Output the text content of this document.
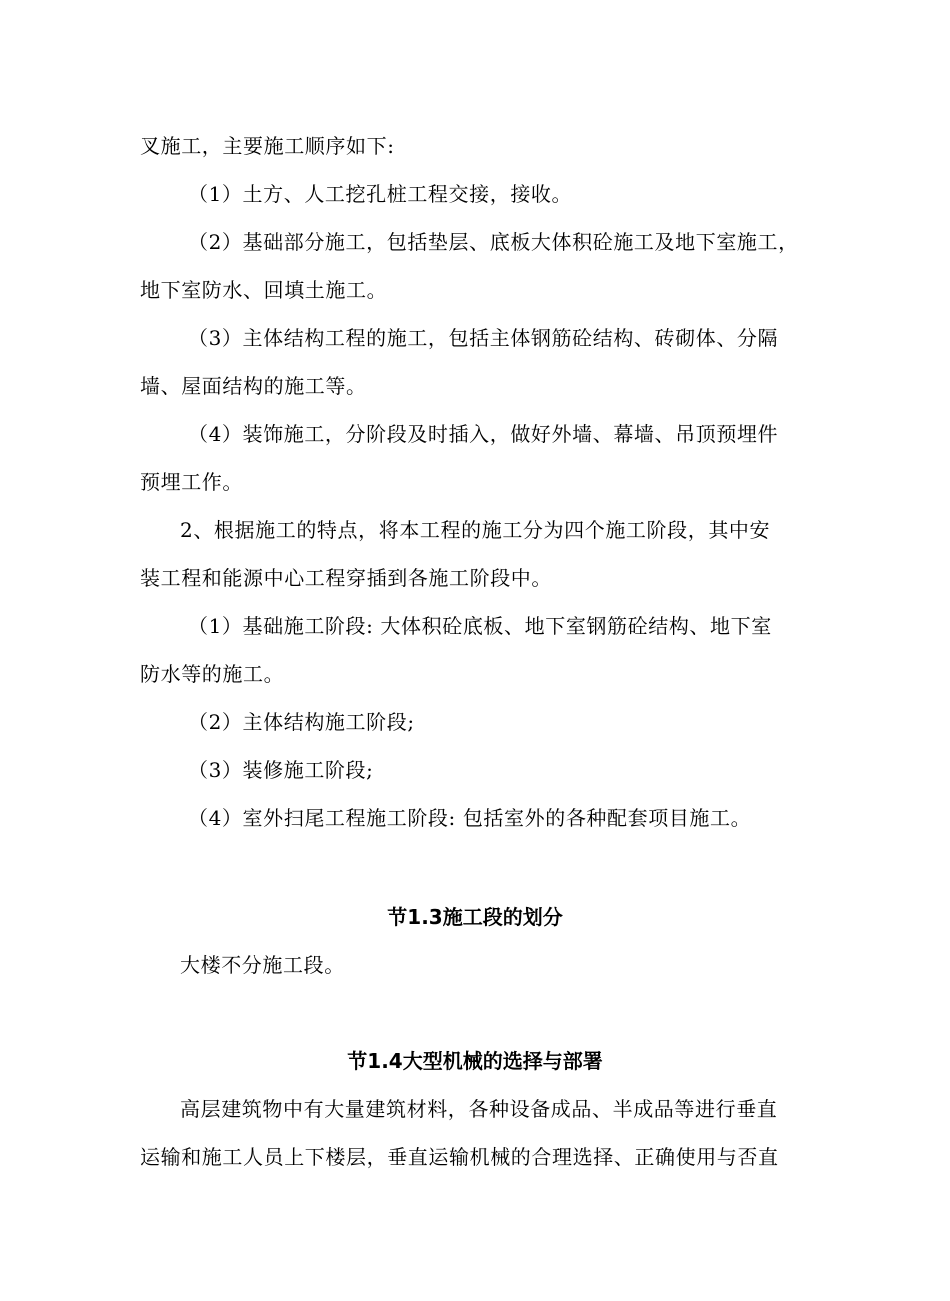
叉施工，主要施工顺序如下:
（1）土方、人工挖孔桩工程交接，接收。
（2）基础部分施工，包括垫层、底板大体积砼施工及地下室施工，
地下室防水、回填土施工。
（3）主体结构工程的施工，包括主体钢筋砼结构、砖砌体、分隔
墙、屋面结构的施工等。
（4）装饰施工，分阶段及时插入，做好外墙、幕墙、吊顶预埋件
预埋工作。
2、根据施工的特点，将本工程的施工分为四个施工阶段，其中安
装工程和能源中心工程穿插到各施工阶段中。
（1）基础施工阶段: 大体积砼底板、地下室钢筋砼结构、地下室
防水等的施工。
（2）主体结构施工阶段;
（3）装修施工阶段;
（4）室外扫尾工程施工阶段: 包括室外的各种配套项目施工。
节1.3施工段的划分
大楼不分施工段。
节1.4大型机械的选择与部署
高层建筑物中有大量建筑材料，各种设备成品、半成品等进行垂直
运输和施工人员上下楼层，垂直运输机械的合理选择、正确使用与否直
